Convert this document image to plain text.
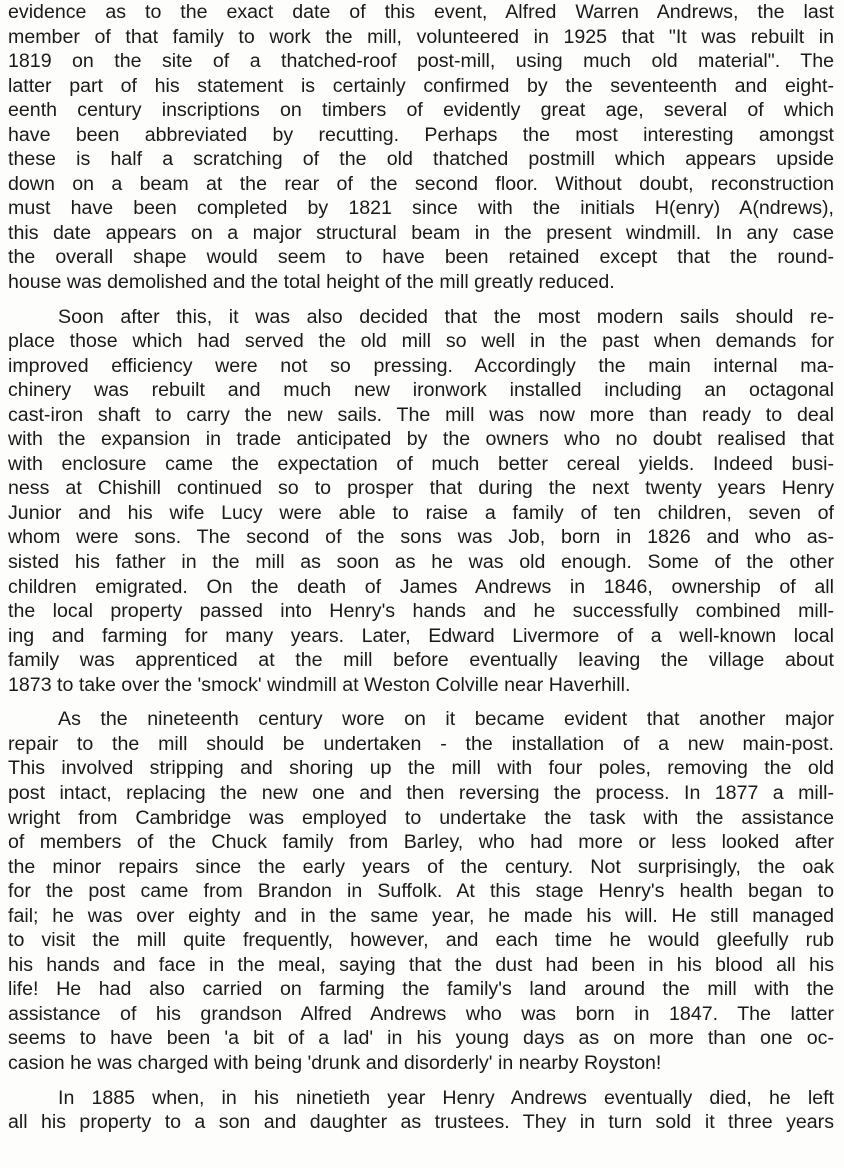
evidence as to the exact date of this event, Alfred Warren Andrews, the last
member of that family to work the mill, volunteered in 1925 that "It was rebuilt in
1819 on the site of a thatched-roof post-mill, using much old material". The
latter part of his statement is certainly confirmed by the seventeenth and eight-
eenth century inscriptions on timbers of evidently great age, several of which
have been abbreviated by recutting. Perhaps the most interesting amongst
these is half a scratching of the old thatched postmill which appears upside
down on a beam at the rear of the second floor. Without doubt, reconstruction
must have been completed by 1821 since with the initials H(enry) A(ndrews),
this date appears on a major structural beam in the present windmill. In any case
the overall shape would seem to have been retained except that the round-
house was demolished and the total height of the mill greatly reduced.
Soon after this, it was also decided that the most modern sails should re-
place those which had served the old mill so well in the past when demands for
improved efficiency were not so pressing. Accordingly the main internal ma-
chinery was rebuilt and much new ironwork installed including an octagonal
cast-iron shaft to carry the new sails. The mill was now more than ready to deal
with the expansion in trade anticipated by the owners who no doubt realised that
with enclosure came the expectation of much better cereal yields. Indeed busi-
ness at Chishill continued so to prosper that during the next twenty years Henry
Junior and his wife Lucy were able to raise a family of ten children, seven of
whom were sons. The second of the sons was Job, born in 1826 and who as-
sisted his father in the mill as soon as he was old enough. Some of the other
children emigrated. On the death of James Andrews in 1846, ownership of all
the local property passed into Henry's hands and he successfully combined mill-
ing and farming for many years. Later, Edward Livermore of a well-known local
family was apprenticed at the mill before eventually leaving the village about
1873 to take over the 'smock' windmill at Weston Colville near Haverhill.
As the nineteenth century wore on it became evident that another major
repair to the mill should be undertaken - the installation of a new main-post.
This involved stripping and shoring up the mill with four poles, removing the old
post intact, replacing the new one and then reversing the process. In 1877 a mill-
wright from Cambridge was employed to undertake the task with the assistance
of members of the Chuck family from Barley, who had more or less looked after
the minor repairs since the early years of the century. Not surprisingly, the oak
for the post came from Brandon in Suffolk. At this stage Henry's health began to
fail; he was over eighty and in the same year, he made his will. He still managed
to visit the mill quite frequently, however, and each time he would gleefully rub
his hands and face in the meal, saying that the dust had been in his blood all his
life! He had also carried on farming the family's land around the mill with the
assistance of his grandson Alfred Andrews who was born in 1847. The latter
seems to have been 'a bit of a lad' in his young days as on more than one oc-
casion he was charged with being 'drunk and disorderly' in nearby Royston!
In 1885 when, in his ninetieth year Henry Andrews eventually died, he left
all his property to a son and daughter as trustees. They in turn sold it three years
